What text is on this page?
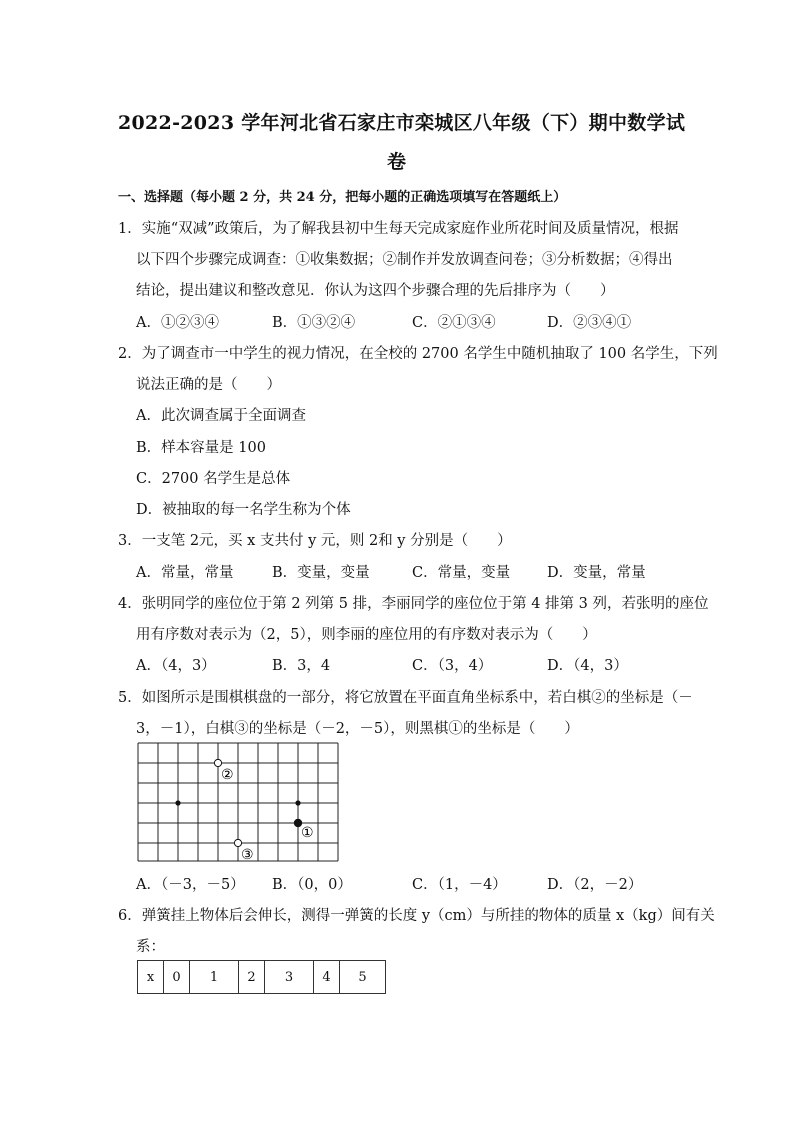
2022-2023 学年河北省石家庄市栾城区八年级（下）期中数学试
卷
一、选择题（每小题 2 分，共 24 分，把每小题的正确选项填写在答题纸上）
1．实施“双减”政策后，为了解我县初中生每天完成家庭作业所花时间及质量情况，根据
以下四个步骤完成调查：①收集数据；②制作并发放调查问卷；③分析数据；④得出
结论，提出建议和整改意见．你认为这四个步骤合理的先后排序为（　　）
A．①②③④	B．①③②④	C．②①③④	D．②③④①
2．为了调查市一中学生的视力情况，在全校的 2700 名学生中随机抽取了 100 名学生，下列
说法正确的是（　　）
A．此次调查属于全面调查
B．样本容量是 100
C．2700 名学生是总体
D．被抽取的每一名学生称为个体
3．一支笔 2元，买 x 支共付 y 元，则 2和 y 分别是（　　）
A．常量，常量	B．变量，变量	C．常量，变量	D．变量，常量
4．张明同学的座位位于第 2 列第 5 排，李丽同学的座位位于第 4 排第 3 列，若张明的座位
用有序数对表示为（2，5），则李丽的座位用的有序数对表示为（　　）
A．（4，3）	B．3，4	C．（3，4）	D．（4，3）
5．如图所示是围棋棋盘的一部分，将它放置在平面直角坐标系中，若白棋②的坐标是（－
3，－1），白棋③的坐标是（－2，－5），则黑棋①的坐标是（　　）
②
①
③
A．（－3，－5） B．（0，0）	C．（1，－4）	D．（2，－2）
6．弹簧挂上物体后会伸长，测得一弹簧的长度 y（cm）与所挂的物体的质量 x（kg）间有关
系：
x	0	1	2	3	4	5
